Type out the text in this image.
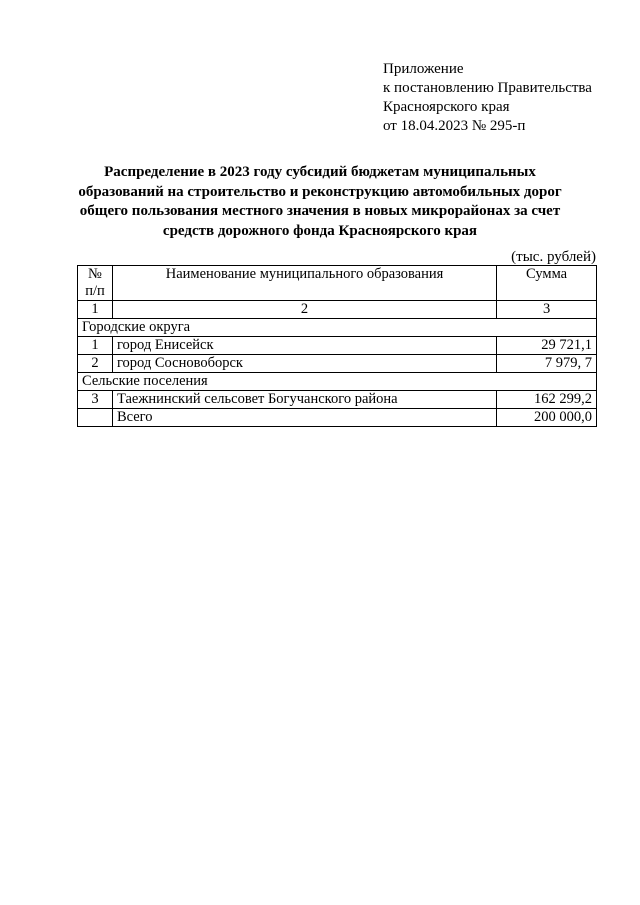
Приложение
к постановлению Правительства
Красноярского края
от 18.04.2023 № 295-п
Распределение в 2023 году субсидий бюджетам муниципальных
образований на строительство и реконструкцию автомобильных дорог
общего пользования местного значения в новых микрорайонах за счет
средств дорожного фонда Красноярского края
(тыс. рублей)
№
п/п	Наименование муниципального образования	Сумма
1	2	3
Городские округа		
1	город Енисейск	29 721,1
2	город Сосновоборск	7 979, 7
Сельские поселения		
3	Таежнинский сельсовет Богучанского района	162 299,2
	Всего	200 000,0
